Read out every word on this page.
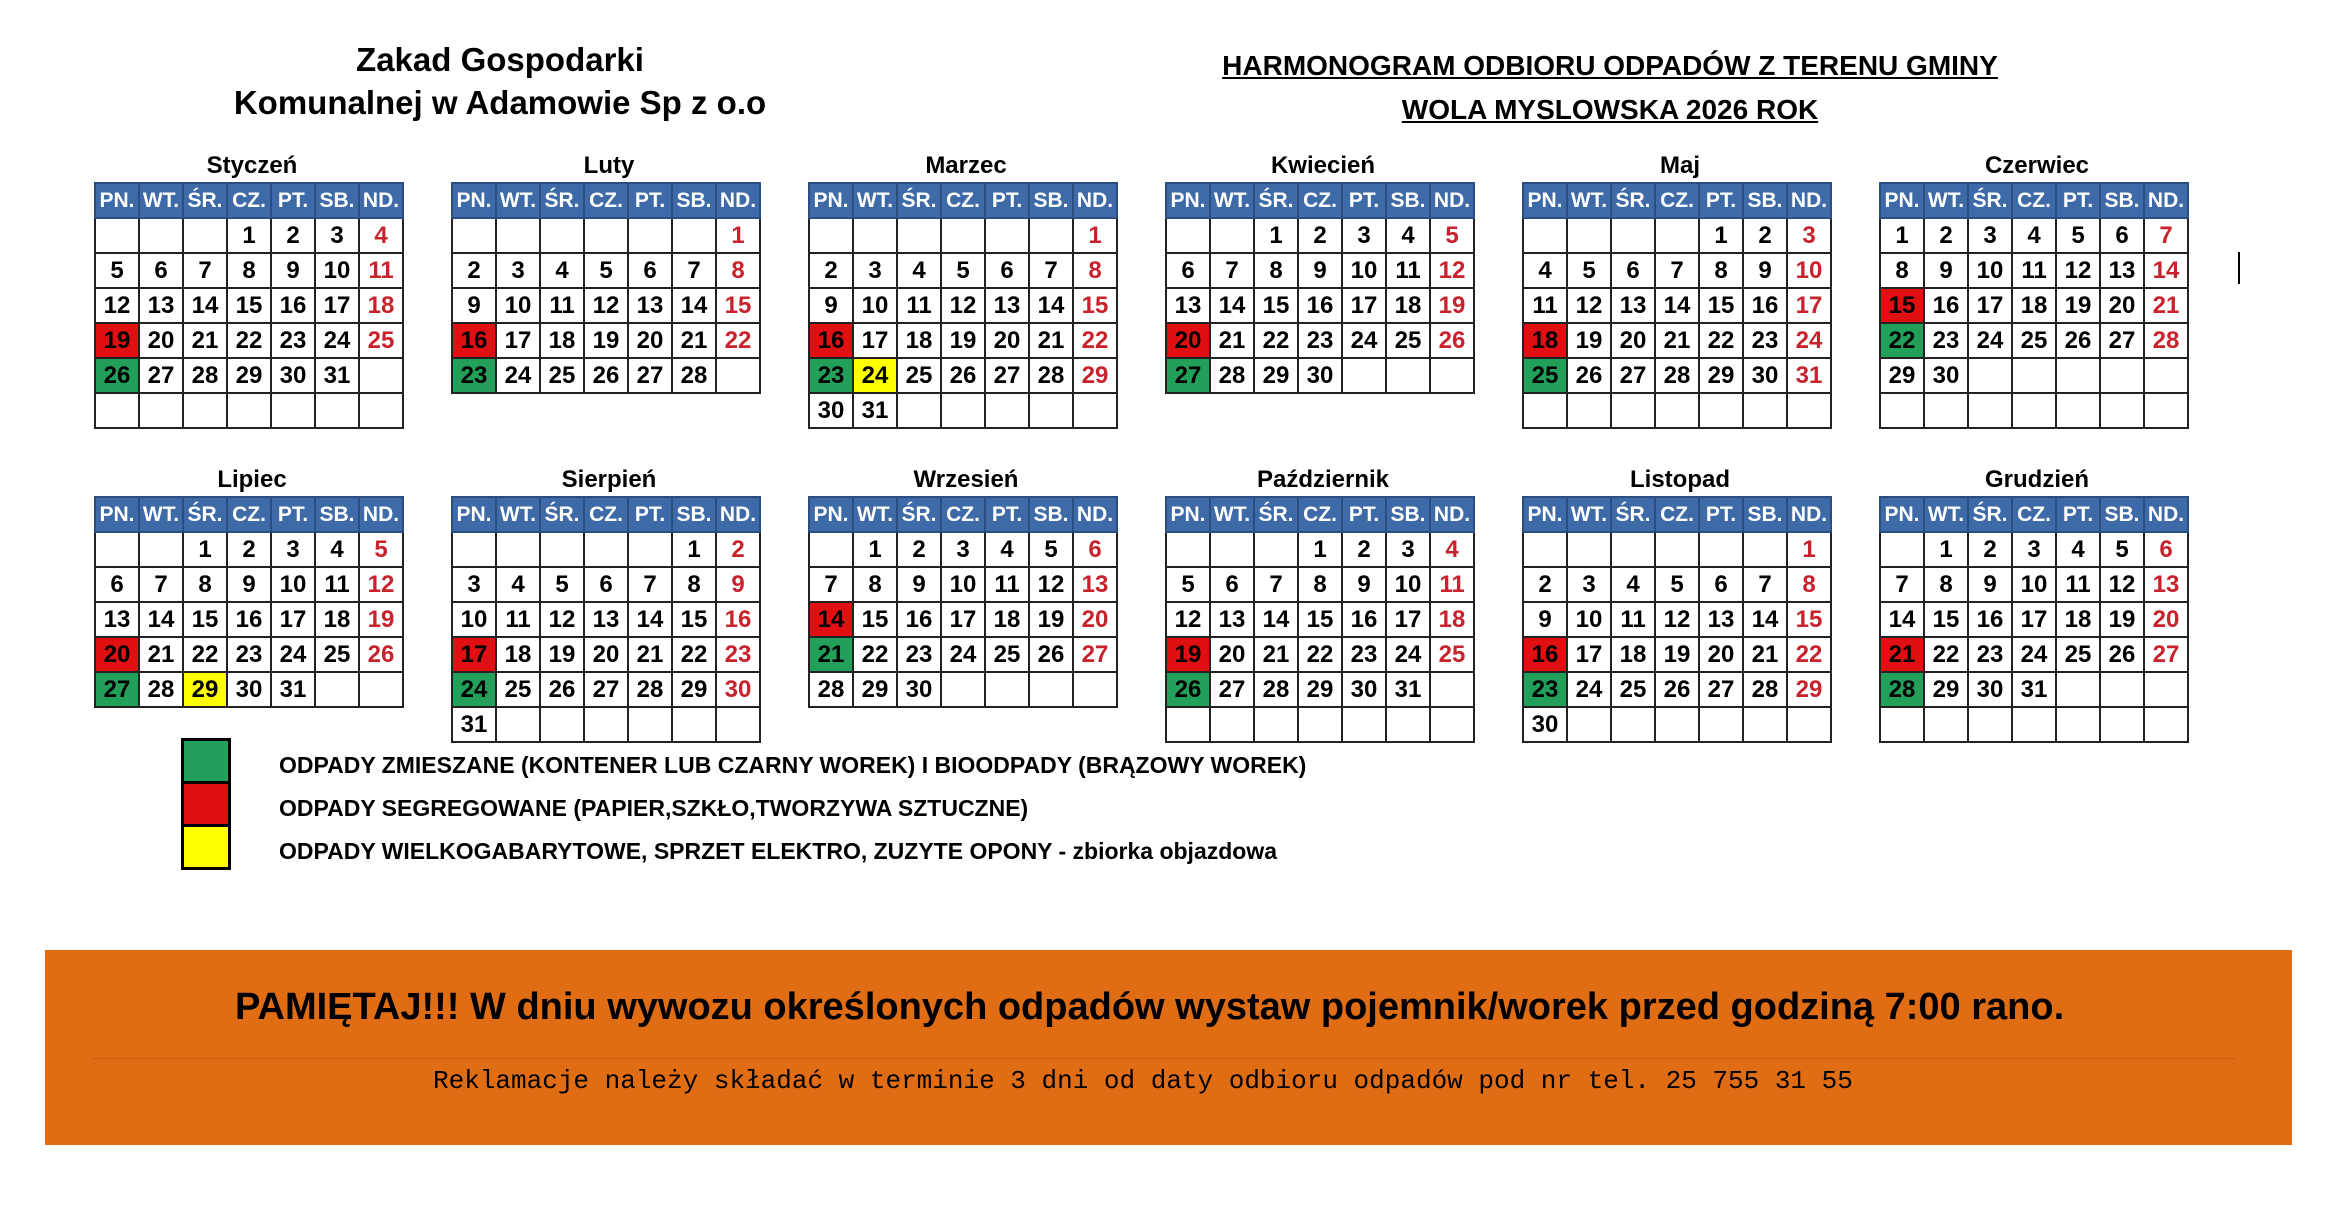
Zakad Gospodarki
Komunalnej w Adamowie Sp z o.o
HARMONOGRAM ODBIORU ODPADÓW Z TERENU GMINY
WOLA MYSLOWSKA 2026 ROK
Styczeń
PN.	WT.	ŚR.	CZ.	PT.	SB.	ND.
			1	2	3	4
5	6	7	8	9	10	11
12	13	14	15	16	17	18
19	20	21	22	23	24	25
26	27	28	29	30	31	

Luty
PN.	WT.	ŚR.	CZ.	PT.	SB.	ND.
						1
2	3	4	5	6	7	8
9	10	11	12	13	14	15
16	17	18	19	20	21	22
23	24	25	26	27	28	
Marzec
PN.	WT.	ŚR.	CZ.	PT.	SB.	ND.
						1
2	3	4	5	6	7	8
9	10	11	12	13	14	15
16	17	18	19	20	21	22
23	24	25	26	27	28	29
30	31					
Kwiecień
PN.	WT.	ŚR.	CZ.	PT.	SB.	ND.
		1	2	3	4	5
6	7	8	9	10	11	12
13	14	15	16	17	18	19
20	21	22	23	24	25	26
27	28	29	30			
Maj
PN.	WT.	ŚR.	CZ.	PT.	SB.	ND.
				1	2	3
4	5	6	7	8	9	10
11	12	13	14	15	16	17
18	19	20	21	22	23	24
25	26	27	28	29	30	31

Czerwiec
PN.	WT.	ŚR.	CZ.	PT.	SB.	ND.
1	2	3	4	5	6	7
8	9	10	11	12	13	14
15	16	17	18	19	20	21
22	23	24	25	26	27	28
29	30					

Lipiec
PN.	WT.	ŚR.	CZ.	PT.	SB.	ND.
		1	2	3	4	5
6	7	8	9	10	11	12
13	14	15	16	17	18	19
20	21	22	23	24	25	26
27	28	29	30	31		
Sierpień
PN.	WT.	ŚR.	CZ.	PT.	SB.	ND.
					1	2
3	4	5	6	7	8	9
10	11	12	13	14	15	16
17	18	19	20	21	22	23
24	25	26	27	28	29	30
31						
Wrzesień
PN.	WT.	ŚR.	CZ.	PT.	SB.	ND.
	1	2	3	4	5	6
7	8	9	10	11	12	13
14	15	16	17	18	19	20
21	22	23	24	25	26	27
28	29	30				
Październik
PN.	WT.	ŚR.	CZ.	PT.	SB.	ND.
			1	2	3	4
5	6	7	8	9	10	11
12	13	14	15	16	17	18
19	20	21	22	23	24	25
26	27	28	29	30	31	

Listopad
PN.	WT.	ŚR.	CZ.	PT.	SB.	ND.
						1
2	3	4	5	6	7	8
9	10	11	12	13	14	15
16	17	18	19	20	21	22
23	24	25	26	27	28	29
30						
Grudzień
PN.	WT.	ŚR.	CZ.	PT.	SB.	ND.
	1	2	3	4	5	6
7	8	9	10	11	12	13
14	15	16	17	18	19	20
21	22	23	24	25	26	27
28	29	30	31			

ODPADY ZMIESZANE (KONTENER LUB CZARNY WOREK) I BIOODPADY (BRĄZOWY WOREK)
ODPADY SEGREGOWANE (PAPIER,SZKŁO,TWORZYWA SZTUCZNE)
ODPADY WIELKOGABARYTOWE, SPRZET ELEKTRO, ZUZYTE OPONY - zbiorka objazdowa
PAMIĘTAJ!!! W dniu wywozu określonych odpadów wystaw pojemnik/worek przed godziną 7:00 rano.
Reklamacje należy składać w terminie 3 dni od daty odbioru odpadów pod nr tel. 25 755 31 55
